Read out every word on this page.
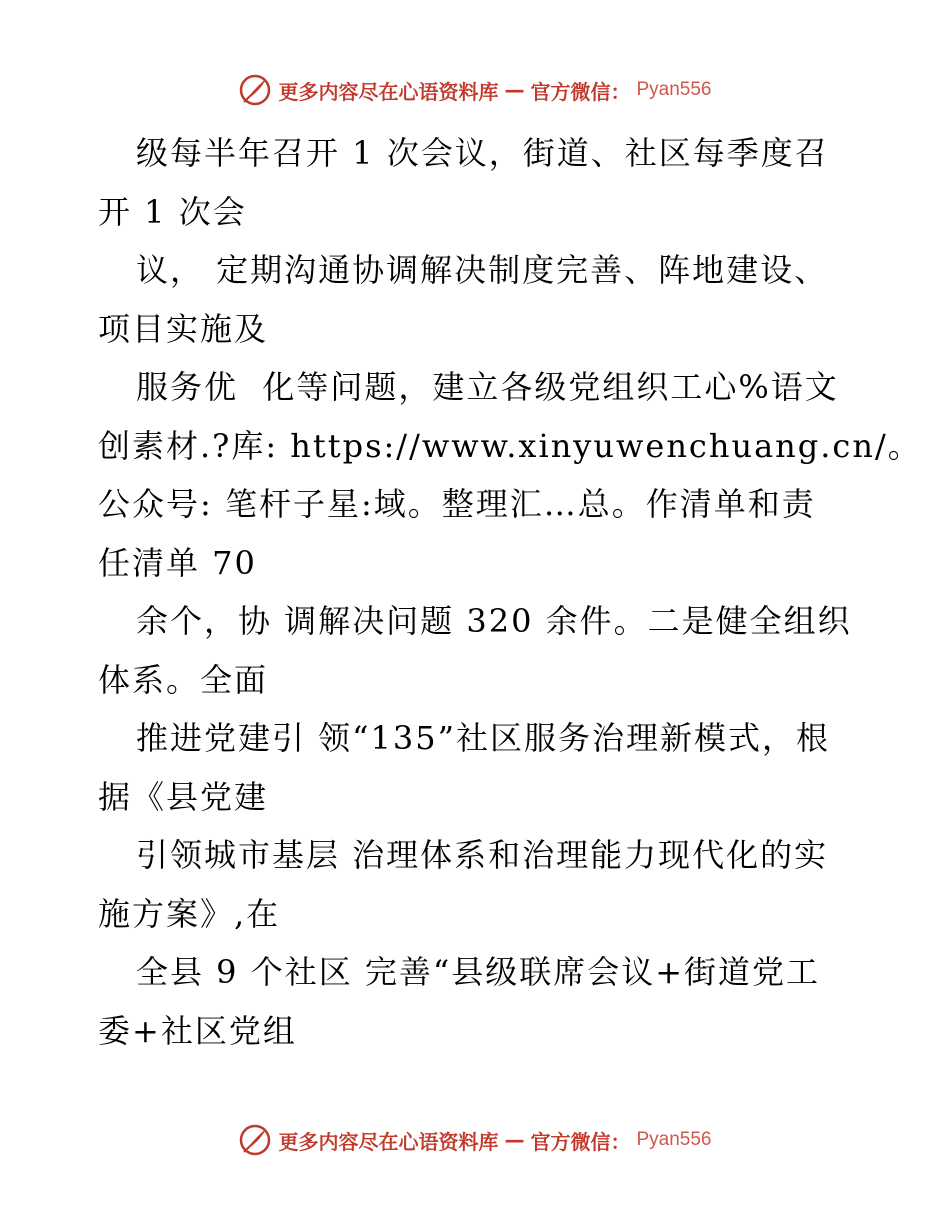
更多内容尽在心语资料库 — 官方微信： Pyan556
级每半年召开 1 次会议，街道、社区每季度召
开 1 次会
议， 定期沟通协调解决制度完善、阵地建设、
项目实施及
服务优  化等问题，建立各级党组织工心%语文
创素材.?库: https://www.xinyuwenchuang.cn/。
公众号: 笔杆子星:域。整理汇…总。作清单和责
任清单 70
余个，协 调解决问题 320 余件。二是健全组织
体系。全面
推进党建引 领“135”社区服务治理新模式，根
据《县党建
引领城市基层 治理体系和治理能力现代化的实
施方案》,在
全县 9 个社区 完善“县级联席会议+街道党工
委+社区党组
更多内容尽在心语资料库 — 官方微信： Pyan556
